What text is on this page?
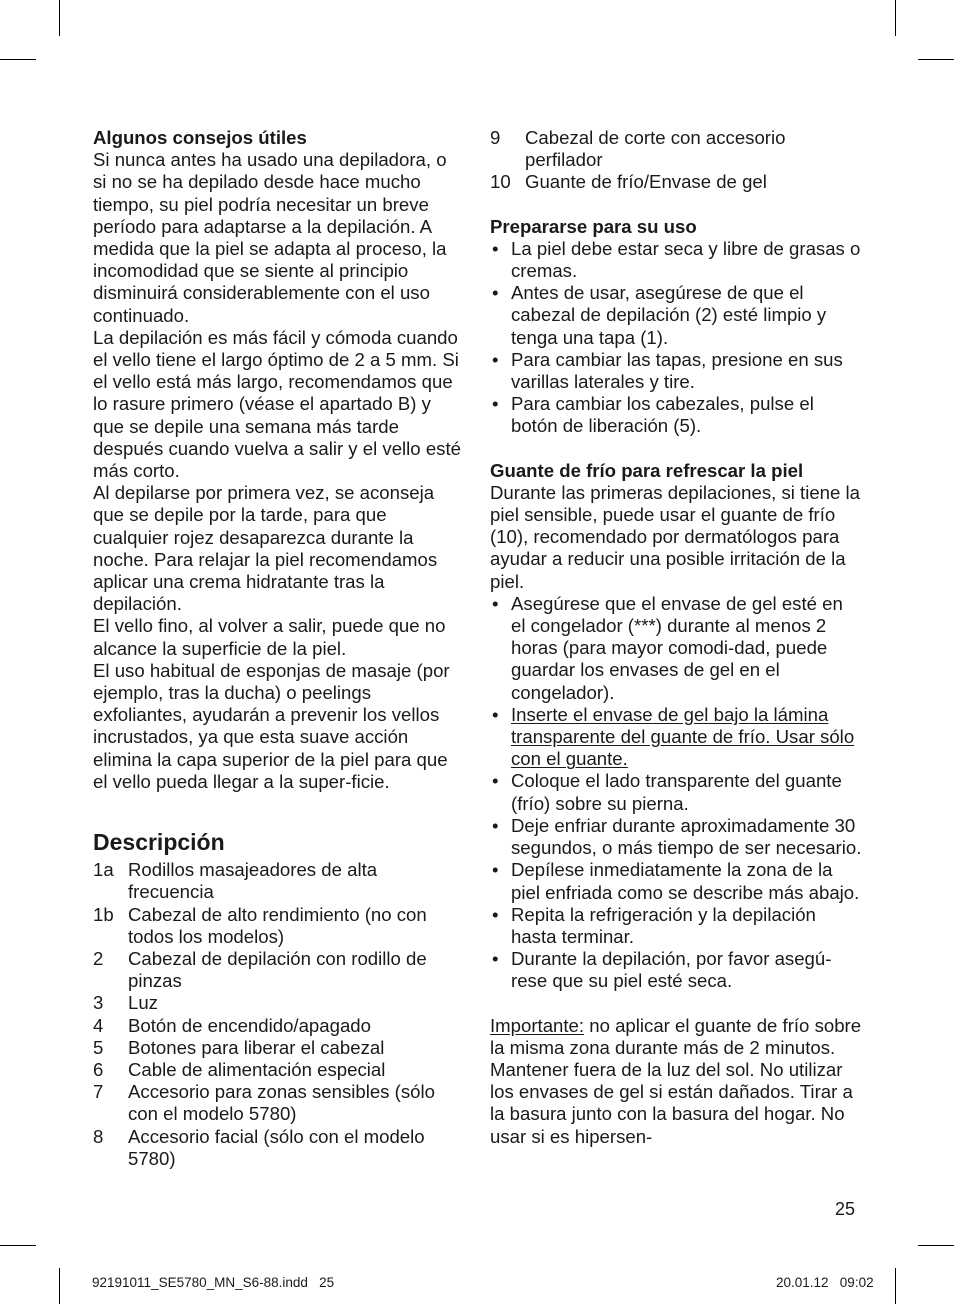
Algunos consejos útiles

Si nunca antes ha usado una depiladora, o si no se ha depilado desde hace mucho tiempo, su piel podría necesitar un breve período para adaptarse a la depilación. A medida que la piel se adapta al proceso, la incomodidad que se siente al principio disminuirá considerablemente con el uso continuado.

La depilación es más fácil y cómoda cuando el vello tiene el largo óptimo de 2 a 5 mm. Si el vello está más largo, recomendamos que lo rasure primero (véase el apartado B) y que se depile una semana más tarde después cuando vuelva a salir y el vello esté más corto.

Al depilarse por primera vez, se aconseja que se depile por la tarde, para que cualquier rojez desaparezca durante la noche. Para relajar la piel recomendamos aplicar una crema hidratante tras la depilación.

El vello fino, al volver a salir, puede que no alcance la superficie de la piel.

El uso habitual de esponjas de masaje (por ejemplo, tras la ducha) o peelings exfoliantes, ayudarán a prevenir los vellos incrustados, ya que esta suave acción elimina la capa superior de la piel para que el vello pueda llegar a la super-ficie.

Descripción
1a Rodillos masajeadores de alta frecuencia
1b Cabezal de alto rendimiento (no con todos los modelos)
2 Cabezal de depilación con rodillo de pinzas
3 Luz
4 Botón de encendido/apagado
5 Botones para liberar el cabezal
6 Cable de alimentación especial
7 Accesorio para zonas sensibles (sólo con el modelo 5780)
8 Accesorio facial (sólo con el modelo 5780)
9 Cabezal de corte con accesorio perfilador
10 Guante de frío/Envase de gel

Prepararse para su uso

• La piel debe estar seca y libre de grasas o cremas.
• Antes de usar, asegúrese de que el cabezal de depilación (2) esté limpio y tenga una tapa (1).
• Para cambiar las tapas, presione en sus varillas laterales y tire.
• Para cambiar los cabezales, pulse el botón de liberación (5).

Guante de frío para refrescar la piel

Durante las primeras depilaciones, si tiene la piel sensible, puede usar el guante de frío (10), recomendado por dermatólogos para ayudar a reducir una posible irritación de la piel.

• Asegúrese que el envase de gel esté en el congelador (***) durante al menos 2 horas (para mayor comodi-dad, puede guardar los envases de gel en el congelador).
• Inserte el envase de gel bajo la lámina transparente del guante de frío. Usar sólo con el guante.
• Coloque el lado transparente del guante (frío) sobre su pierna.
• Deje enfriar durante aproximadamente 30 segundos, o más tiempo de ser necesario.
• Depílese inmediatamente la zona de la piel enfriada como se describe más abajo.
• Repita la refrigeración y la depilación hasta terminar.
• Durante la depilación, por favor asegú-rese que su piel esté seca.

Importante: no aplicar el guante de frío sobre la misma zona durante más de 2 minutos. Mantener fuera de la luz del sol. No utilizar los envases de gel si están dañados. Tirar a la basura junto con la basura del hogar. No usar si es hipersen-

25
92191011_SE5780_MN_S6-88.indd   25	20.01.12   09:02
